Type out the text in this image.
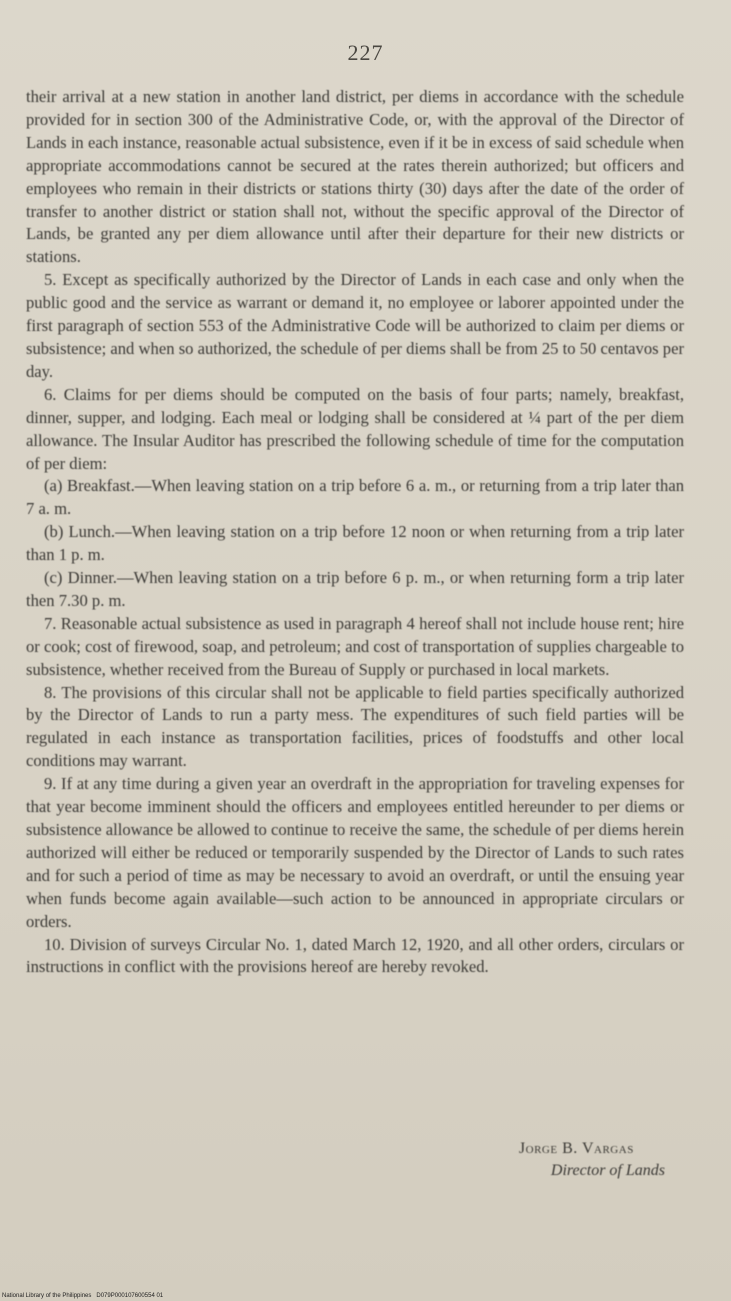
227

their arrival at a new station in another land district, per diems in accordance with the schedule provided for in section 300 of the Administrative Code, or, with the approval of the Director of Lands in each instance, reasonable actual subsistence, even if it be in excess of said schedule when appropriate accommodations cannot be secured at the rates therein authorized; but officers and employees who remain in their districts or stations thirty (30) days after the date of the order of transfer to another district or station shall not, without the specific approval of the Director of Lands, be granted any per diem allowance until after their departure for their new districts or stations.

5. Except as specifically authorized by the Director of Lands in each case and only when the public good and the service as warrant or demand it, no employee or laborer appointed under the first paragraph of section 553 of the Administrative Code will be authorized to claim per diems or subsistence; and when so authorized, the schedule of per diems shall be from 25 to 50 centavos per day.

6. Claims for per diems should be computed on the basis of four parts; namely, breakfast, dinner, supper, and lodging. Each meal or lodging shall be considered at ¼ part of the per diem allowance. The Insular Auditor has prescribed the following schedule of time for the computation of per diem:

(a) Breakfast.—When leaving station on a trip before 6 a. m., or returning from a trip later than 7 a. m.

(b) Lunch.—When leaving station on a trip before 12 noon or when returning from a trip later than 1 p. m.

(c) Dinner.—When leaving station on a trip before 6 p. m., or when returning form a trip later then 7.30 p. m.

7. Reasonable actual subsistence as used in paragraph 4 hereof shall not include house rent; hire or cook; cost of firewood, soap, and petroleum; and cost of transportation of supplies chargeable to subsistence, whether received from the Bureau of Supply or purchased in local markets.

8. The provisions of this circular shall not be applicable to field parties specifically authorized by the Director of Lands to run a party mess. The expenditures of such field parties will be regulated in each instance as transportation facilities, prices of foodstuffs and other local conditions may warrant.

9. If at any time during a given year an overdraft in the appropriation for traveling expenses for that year become imminent should the officers and employees entitled hereunder to per diems or subsistence allowance be allowed to continue to receive the same, the schedule of per diems herein authorized will either be reduced or temporarily suspended by the Director of Lands to such rates and for such a period of time as may be necessary to avoid an overdraft, or until the ensuing year when funds become again available—such action to be announced in appropriate circulars or orders.

10. Division of surveys Circular No. 1, dated March 12, 1920, and all other orders, circulars or instructions in conflict with the provisions hereof are hereby revoked.

Jorge B. Vargas
Director of Lands
National Library of the Philippines   D079P000107600554 01
